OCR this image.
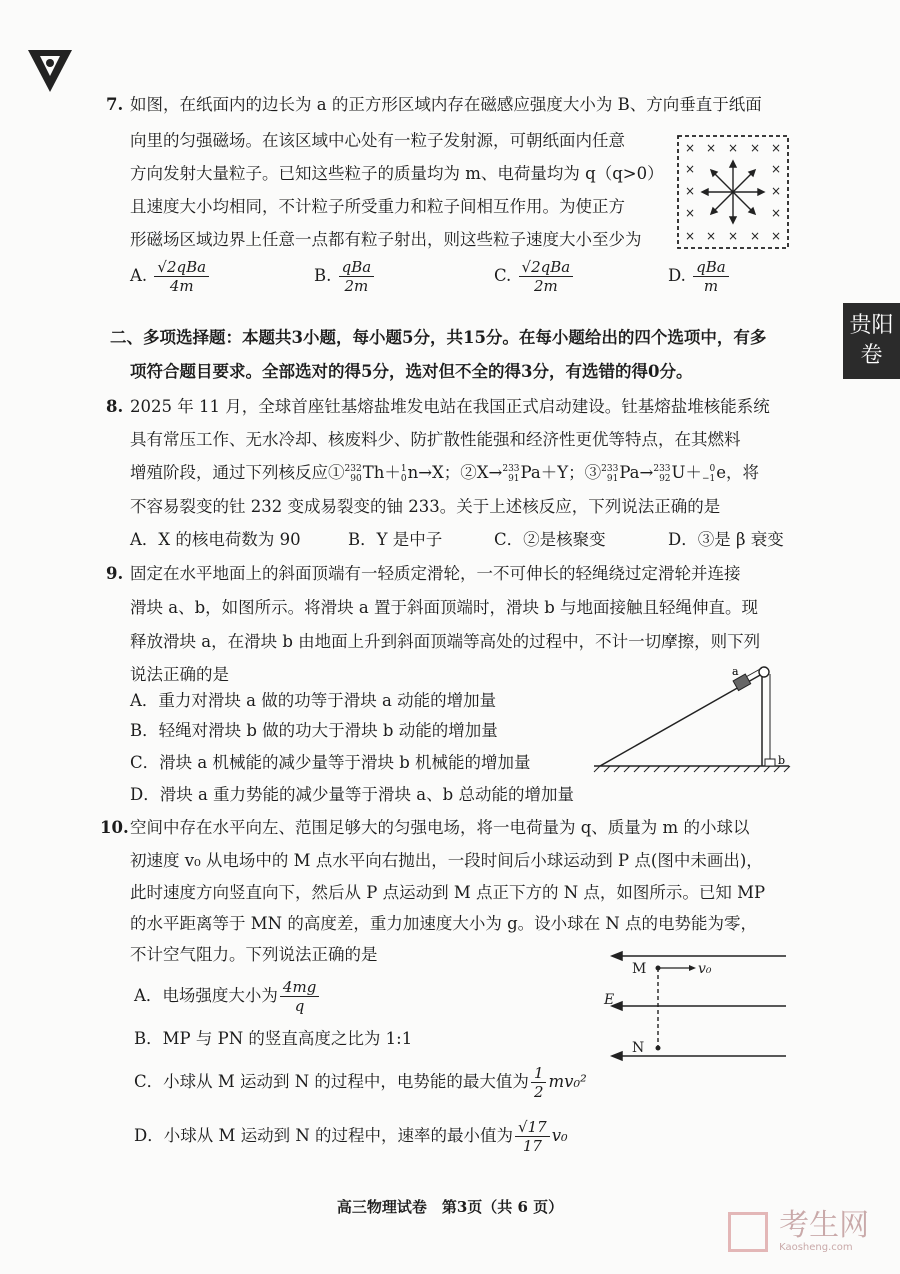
贵阳
卷
7. 如图，在纸面内的边长为 a 的正方形区域内存在磁感应强度大小为 B、方向垂直于纸面
向里的匀强磁场。在该区域中心处有一粒子发射源，可朝纸面内任意
方向发射大量粒子。已知这些粒子的质量均为 m、电荷量均为 q（q>0）
且速度大小均相同，不计粒子所受重力和粒子间相互作用。为使正方
形磁场区域边界上任意一点都有粒子射出，则这些粒子速度大小至少为
× × × × ×
×	×
×	×
×	×
× × × × ×
A. $\frac{\text{√2qBa}}{4m}$	B. $\frac{\text{qBa}}{2m}$	C. $\frac{\text{√2qBa}}{2m}$	D. $\frac{\text{qBa}}{m}$
二、多项选择题：本题共3小题，每小题5分，共15分。在每小题给出的四个选项中，有多
项符合题目要求。全部选对的得5分，选对但不全的得3分，有选错的得0分。
8. 2025 年 11 月，全球首座钍基熔盐堆发电站在我国正式启动建设。钍基熔盐堆核能系统
具有常压工作、无水冷却、核废料少、防扩散性能强和经济性更优等特点，在其燃料
增殖阶段，通过下列核反应① 232
90 Th＋ 1
0 n→X；②X→ 233
91 Pa＋Y；③ 233
91 Pa→ 233
92 U＋ 0
−1 e，将
不容易裂变的钍 232 变成易裂变的铀 233。关于上述核反应，下列说法正确的是
A．X 的核电荷数为 90	B．Y 是中子	C．②是核聚变	D．③是 β 衰变
9. 固定在水平地面上的斜面顶端有一轻质定滑轮，一不可伸长的轻绳绕过定滑轮并连接
滑块 a、b，如图所示。将滑块 a 置于斜面顶端时，滑块 b 与地面接触且轻绳伸直。现
释放滑块 a，在滑块 b 由地面上升到斜面顶端等高处的过程中，不计一切摩擦，则下列
说法正确的是
A．重力对滑块 a 做的功等于滑块 a 动能的增加量
B．轻绳对滑块 b 做的功大于滑块 b 动能的增加量
C．滑块 a 机械能的减少量等于滑块 b 机械能的增加量
D．滑块 a 重力势能的减少量等于滑块 a、b 总动能的增加量
a
b
10. 空间中存在水平向左、范围足够大的匀强电场，将一电荷量为 q、质量为 m 的小球以
初速度 v₀ 从电场中的 M 点水平向右抛出，一段时间后小球运动到 P 点(图中未画出)，
此时速度方向竖直向下，然后从 P 点运动到 M 点正下方的 N 点，如图所示。已知 MP
的水平距离等于 MN 的高度差，重力加速度大小为 g。设小球在 N 点的电势能为零，
不计空气阻力。下列说法正确的是
A．电场强度大小为 $\frac{4mg}{q}$
B．MP 与 PN 的竖直高度之比为 1:1
C．小球从 M 运动到 N 的过程中，电势能的最大值为 $\frac{1}{2} mv_0^2$
D．小球从 M 运动到 N 的过程中，速率的最小值为 $\frac{√17}{17} v_0$
M	v₀
E
N
高三物理试卷　第3页（共 6 页）

考生网
Kaosheng.com
